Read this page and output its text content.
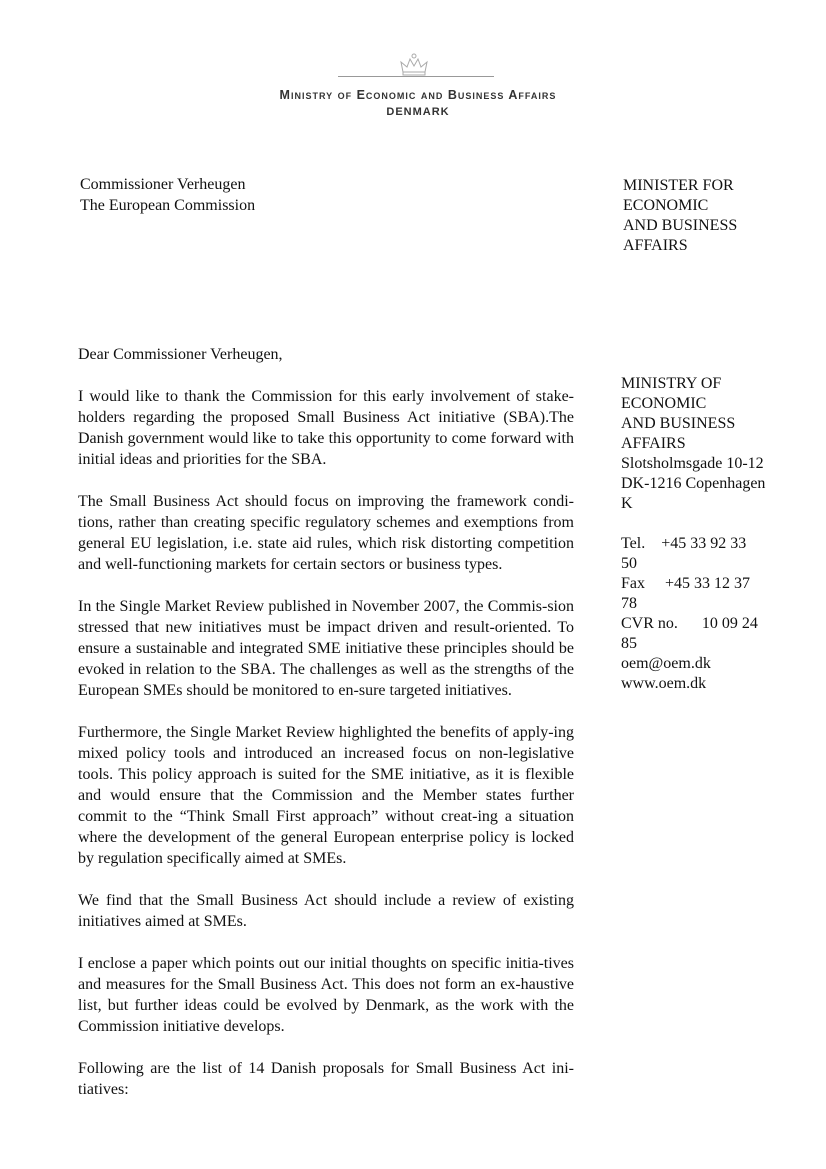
Ministry of Economic and Business Affairs
DENMARK
Commissioner Verheugen
The European Commission
MINISTER FOR
ECONOMIC
AND BUSINESS
AFFAIRS
MINISTRY OF
ECONOMIC
AND BUSINESS
AFFAIRS
Slotsholmsgade 10-12
DK-1216 Copenhagen
K
Tel.    +45 33 92 33
50
Fax     +45 33 12 37
78
CVR no.      10 09 24
85
oem@oem.dk
www.oem.dk
Dear Commissioner Verheugen,

I would like to thank the Commission for this early involvement of stake-holders regarding the proposed Small Business Act initiative (SBA).The Danish government would like to take this opportunity to come forward with initial ideas and priorities for the SBA.

The Small Business Act should focus on improving the framework condi-tions, rather than creating specific regulatory schemes and exemptions from general EU legislation, i.e. state aid rules, which risk distorting competition and well-functioning markets for certain sectors or business types.

In the Single Market Review published in November 2007, the Commis-sion stressed that new initiatives must be impact driven and result-oriented. To ensure a sustainable and integrated SME initiative these principles should be evoked in relation to the SBA. The challenges as well as the strengths of the European SMEs should be monitored to en-sure targeted initiatives.

Furthermore, the Single Market Review highlighted the benefits of apply-ing mixed policy tools and introduced an increased focus on non-legislative tools. This policy approach is suited for the SME initiative, as it is flexible and would ensure that the Commission and the Member states further commit to the “Think Small First approach” without creat-ing a situation where the development of the general European enterprise policy is locked by regulation specifically aimed at SMEs.

We find that the Small Business Act should include a review of existing initiatives aimed at SMEs.

I enclose a paper which points out our initial thoughts on specific initia-tives and measures for the Small Business Act. This does not form an ex-haustive list, but further ideas could be evolved by Denmark, as the work with the Commission initiative develops.

Following are the list of 14 Danish proposals for Small Business Act ini-tiatives:
